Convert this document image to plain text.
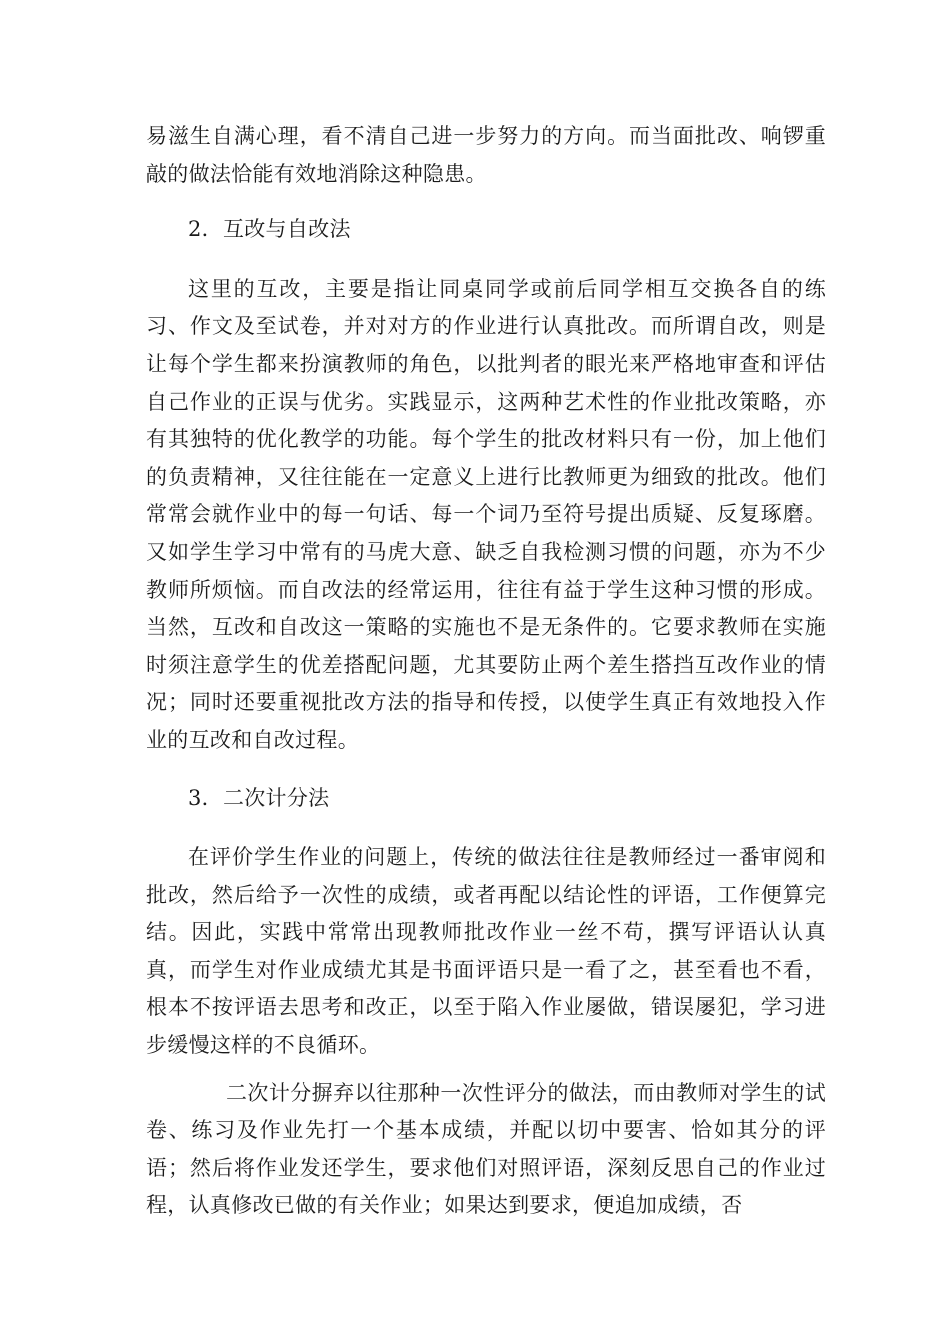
易滋生自满心理，看不清自己进一步努力的方向。而当面批改、响锣重敲的做法恰能有效地消除这种隐患。

2．互改与自改法

这里的互改，主要是指让同桌同学或前后同学相互交换各自的练习、作文及至试卷，并对对方的作业进行认真批改。而所谓自改，则是让每个学生都来扮演教师的角色，以批判者的眼光来严格地审查和评估自己作业的正误与优劣。实践显示，这两种艺术性的作业批改策略，亦有其独特的优化教学的功能。每个学生的批改材料只有一份，加上他们的负责精神，又往往能在一定意义上进行比教师更为细致的批改。他们常常会就作业中的每一句话、每一个词乃至符号提出质疑、反复琢磨。又如学生学习中常有的马虎大意、缺乏自我检测习惯的问题，亦为不少教师所烦恼。而自改法的经常运用，往往有益于学生这种习惯的形成。当然，互改和自改这一策略的实施也不是无条件的。它要求教师在实施时须注意学生的优差搭配问题，尤其要防止两个差生搭挡互改作业的情况；同时还要重视批改方法的指导和传授，以使学生真正有效地投入作业的互改和自改过程。

3．二次计分法

在评价学生作业的问题上，传统的做法往往是教师经过一番审阅和批改，然后给予一次性的成绩，或者再配以结论性的评语，工作便算完结。因此，实践中常常出现教师批改作业一丝不苟，撰写评语认认真真，而学生对作业成绩尤其是书面评语只是一看了之，甚至看也不看，根本不按评语去思考和改正，以至于陷入作业屡做，错误屡犯，学习进步缓慢这样的不良循环。

二次计分摒弃以往那种一次性评分的做法，而由教师对学生的试卷、练习及作业先打一个基本成绩，并配以切中要害、恰如其分的评语；然后将作业发还学生，要求他们对照评语，深刻反思自己的作业过程，认真修改已做的有关作业；如果达到要求，便追加成绩，否
